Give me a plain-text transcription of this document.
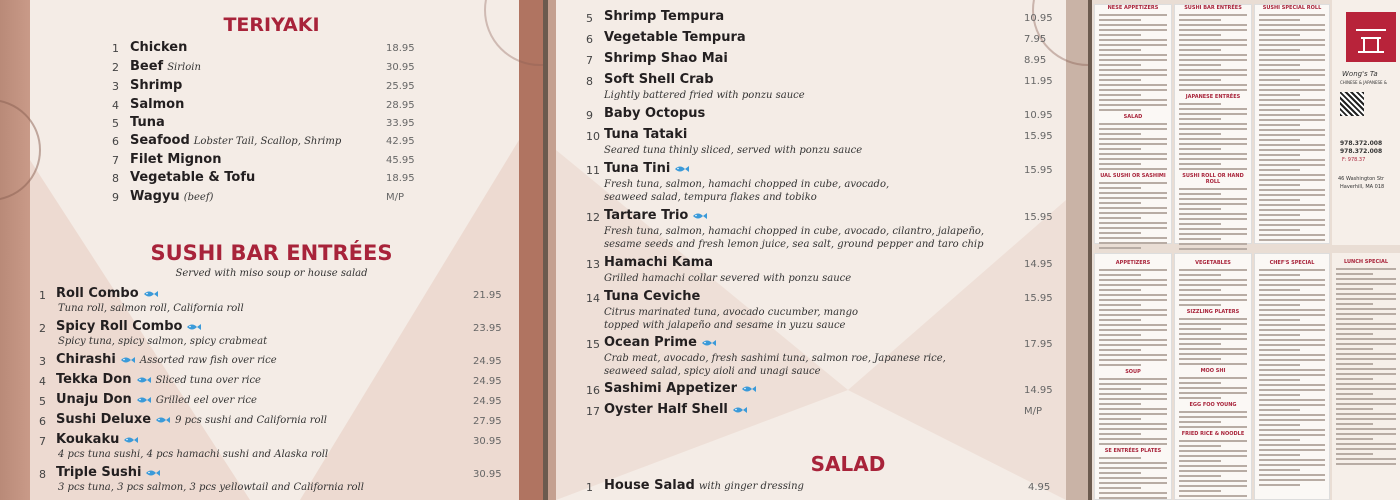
TERIYAKI
1 Chicken	18.95
2 Beef Sirloin	30.95
3 Shrimp	25.95
4 Salmon	28.95
5 Tuna	33.95
6 Seafood Lobster Tail, Scallop, Shrimp	42.95
7 Filet Mignon	45.95
8 Vegetable & Tofu	18.95
9 Wagyu (beef)	M/P
SUSHI BAR ENTRÉES
Served with miso soup or house salad
1 Roll Combo
Tuna roll, salmon roll, California roll
21.95
2 Spicy Roll Combo
Spicy tuna, spicy salmon, spicy crabmeat
23.95
3 Chirashi Assorted raw fish over rice	24.95
4 Tekka Don Sliced tuna over rice	24.95
5 Unaju Don Grilled eel over rice	24.95
6 Sushi Deluxe 9 pcs sushi and California roll	27.95
7 Koukaku
4 pcs tuna sushi, 4 pcs hamachi sushi and Alaska roll
30.95
8 Triple Sushi
3 pcs tuna, 3 pcs salmon, 3 pcs yellowtail and California roll
30.95
5 Shrimp Tempura	10.95
6 Vegetable Tempura	7.95
7 Shrimp Shao Mai	8.95
8 Soft Shell Crab
Lightly battered fried with ponzu sauce
11.95
9 Baby Octopus	10.95
10 Tuna Tataki
Seared tuna thinly sliced, served with ponzu sauce
15.95
11 Tuna Tini
Fresh tuna, salmon, hamachi chopped in cube, avocado,
seaweed salad, tempura flakes and tobiko
15.95
12 Tartare Trio
Fresh tuna, salmon, hamachi chopped in cube, avocado, cilantro, jalapeño,
sesame seeds and fresh lemon juice, sea salt, ground pepper and taro chip
15.95
13 Hamachi Kama
Grilled hamachi collar severed with ponzu sauce
14.95
14 Tuna Ceviche
Citrus marinated tuna, avocado cucumber, mango
topped with jalapeño and sesame in yuzu sauce
15.95
15 Ocean Prime
Crab meat, avocado, fresh sashimi tuna, salmon roe, Japanese rice,
seaweed salad, spicy aioli and unagi sauce
17.95
16 Sashimi Appetizer	14.95
17 Oyster Half Shell	M/P
SALAD
1 House Salad with ginger dressing	4.95
NESE APPETIZERS
SALAD
UAL SUSHI OR SASHIMI
SUSHI BAR ENTRÉES
JAPANESE ENTRÉES
SUSHI ROLL OR HAND ROLL
SUSHI SPECIAL ROLL
Wong's Ta
CHINESE & JAPANESE &
978.372.008
978.372.008
F: 978.37
46 Washington Str
Haverhill, MA 018
APPETIZERS
SOUP
SE ENTRÉES PLATES
VEGETABLES
SIZZLING PLATERS
MOO SHI
EGG FOO YOUNG
FRIED RICE & NOODLE
CHEF'S SPECIAL	LUNCH SPECIAL
